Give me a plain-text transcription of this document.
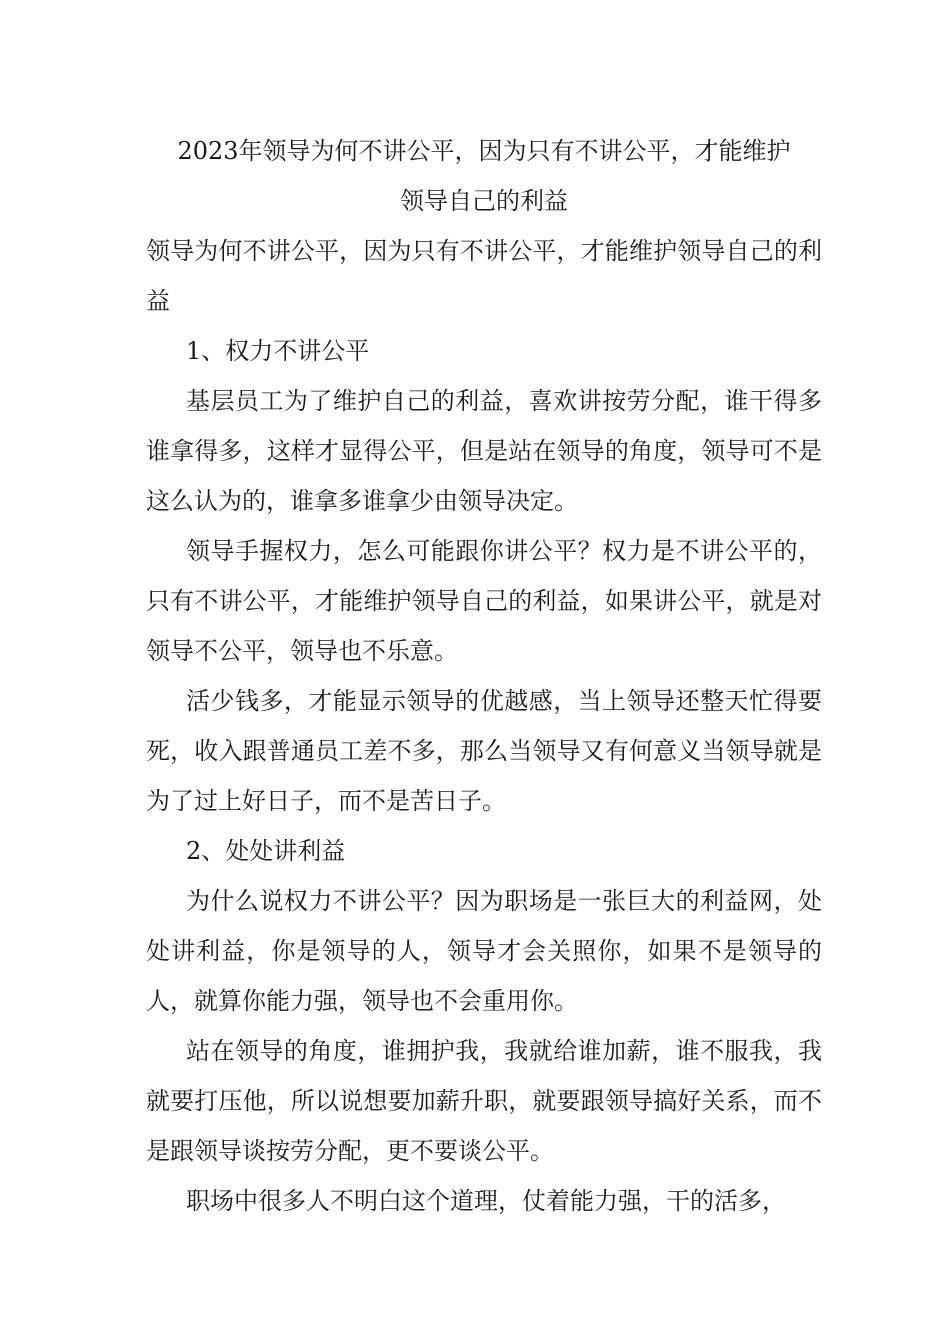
2023年领导为何不讲公平，因为只有不讲公平，才能维护
领导自己的利益

领导为何不讲公平，因为只有不讲公平，才能维护领导自己的利益

1、权力不讲公平

基层员工为了维护自己的利益，喜欢讲按劳分配，谁干得多谁拿得多，这样才显得公平，但是站在领导的角度，领导可不是这么认为的，谁拿多谁拿少由领导决定。

领导手握权力，怎么可能跟你讲公平？权力是不讲公平的，只有不讲公平，才能维护领导自己的利益，如果讲公平，就是对领导不公平，领导也不乐意。

活少钱多，才能显示领导的优越感，当上领导还整天忙得要死，收入跟普通员工差不多，那么当领导又有何意义当领导就是为了过上好日子，而不是苦日子。

2、处处讲利益

为什么说权力不讲公平？因为职场是一张巨大的利益网，处处讲利益，你是领导的人，领导才会关照你，如果不是领导的人，就算你能力强，领导也不会重用你。

站在领导的角度，谁拥护我，我就给谁加薪，谁不服我，我就要打压他，所以说想要加薪升职，就要跟领导搞好关系，而不是跟领导谈按劳分配，更不要谈公平。

职场中很多人不明白这个道理，仗着能力强，干的活多，
